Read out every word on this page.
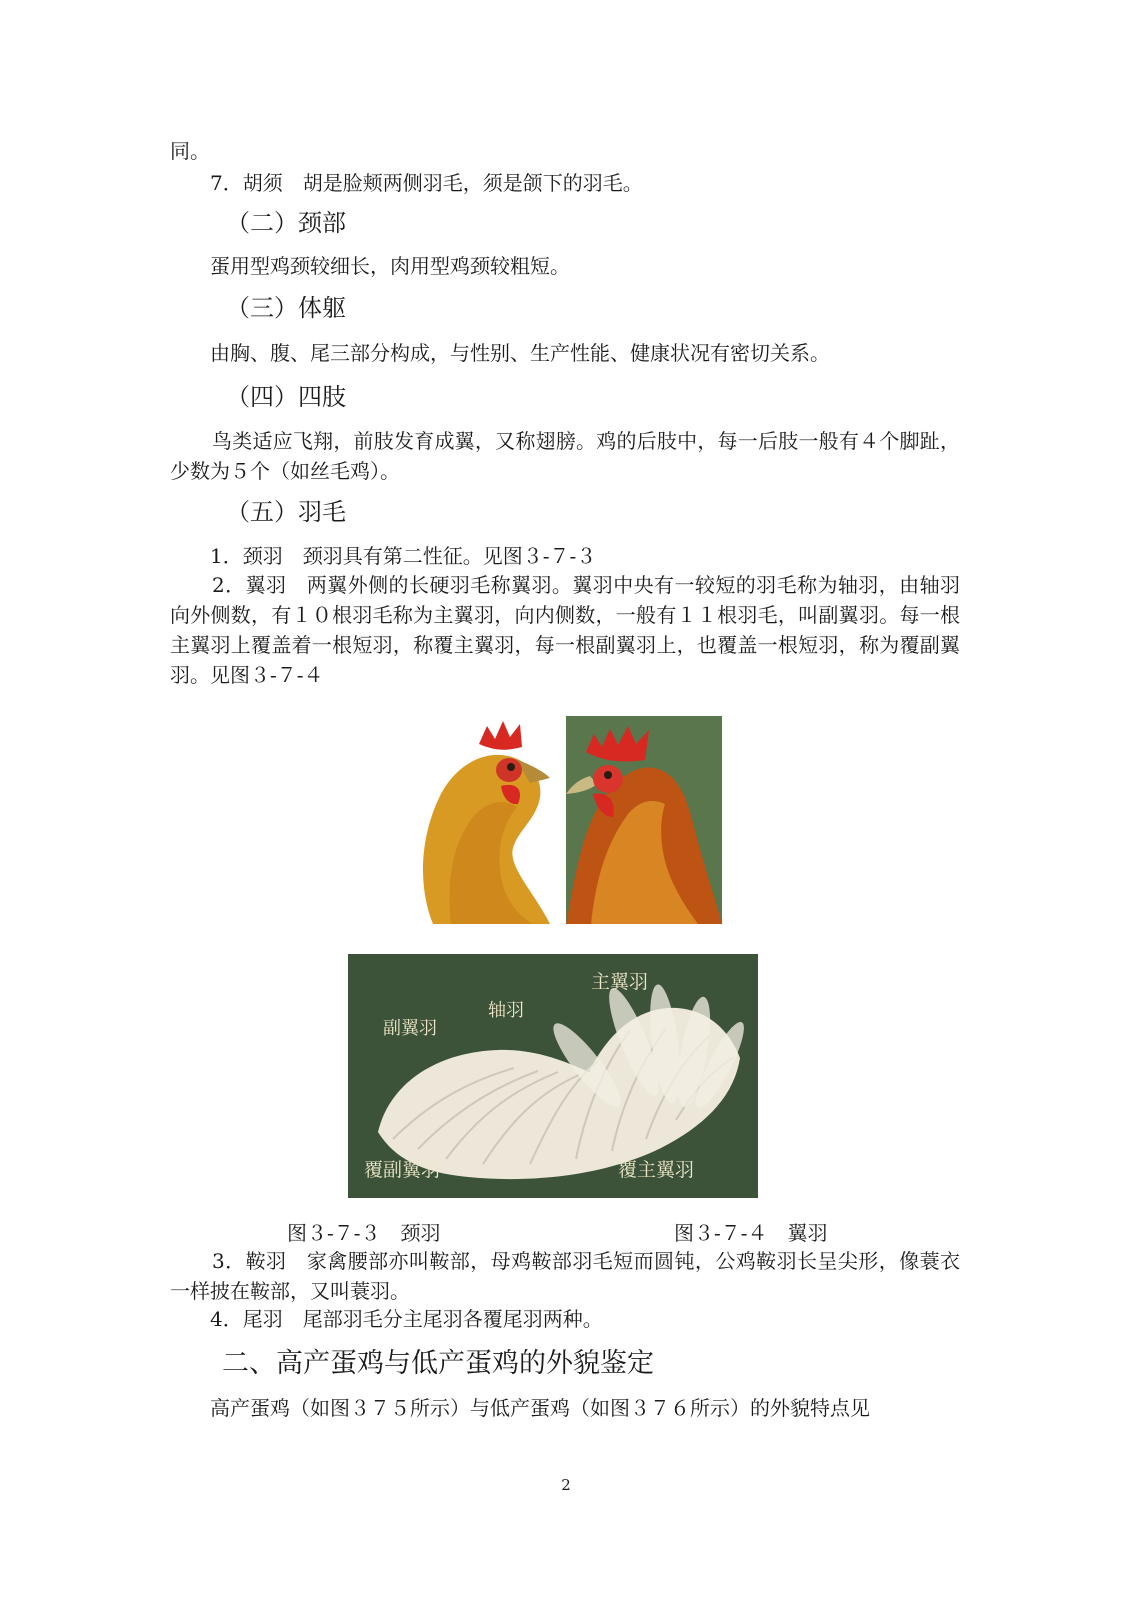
同。
7．胡须　胡是脸颊两侧羽毛，须是颌下的羽毛。
（二）颈部
蛋用型鸡颈较细长，肉用型鸡颈较粗短。
（三）体躯
由胸、腹、尾三部分构成，与性别、生产性能、健康状况有密切关系。
（四）四肢
鸟类适应飞翔，前肢发育成翼，又称翅膀。鸡的后肢中，每一后肢一般有４个脚趾，少数为５个（如丝毛鸡）。
（五）羽毛
1．颈羽　颈羽具有第二性征。见图３-７-３
2．翼羽　两翼外侧的长硬羽毛称翼羽。翼羽中央有一较短的羽毛称为轴羽，由轴羽向外侧数，有１０根羽毛称为主翼羽，向内侧数，一般有１１根羽毛，叫副翼羽。每一根主翼羽上覆盖着一根短羽，称覆主翼羽，每一根副翼羽上，也覆盖一根短羽，称为覆副翼羽。见图３-７-４
主翼羽
轴羽
副翼羽
覆副翼羽	覆主翼羽
图３-７-３　颈羽	图３-７-４　翼羽
3．鞍羽　家禽腰部亦叫鞍部，母鸡鞍部羽毛短而圆钝，公鸡鞍羽长呈尖形，像蓑衣一样披在鞍部，又叫蓑羽。
4．尾羽　尾部羽毛分主尾羽各覆尾羽两种。
二、高产蛋鸡与低产蛋鸡的外貌鉴定
高产蛋鸡（如图３７５所示）与低产蛋鸡（如图３７６所示）的外貌特点见
2
